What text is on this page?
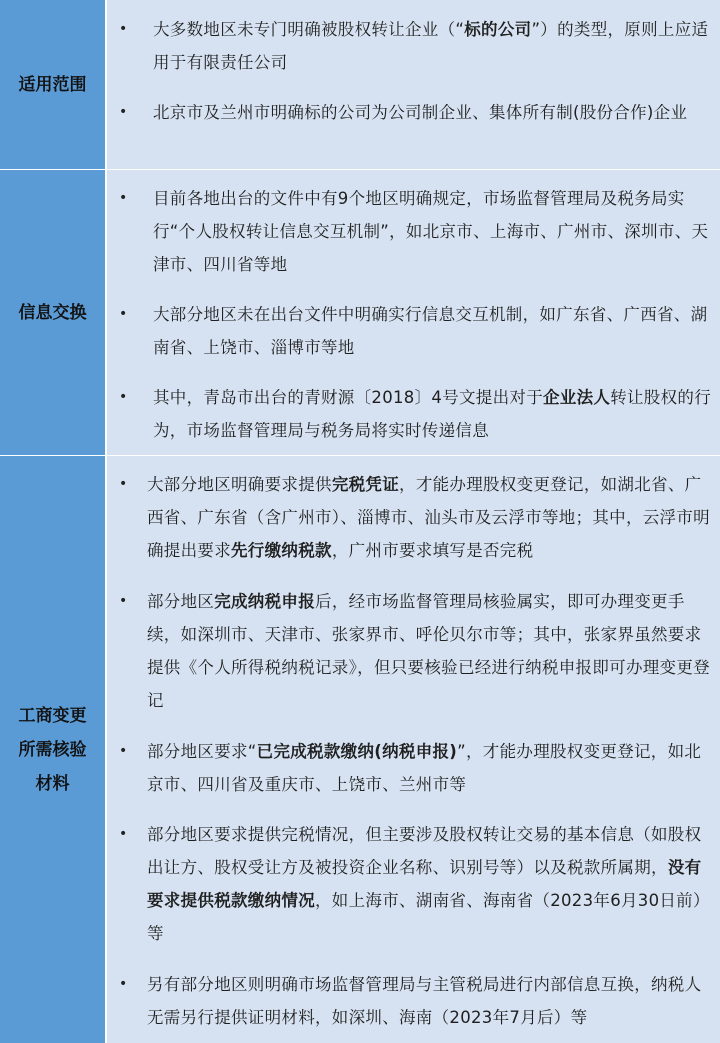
适用范围
•	大多数地区未专门明确被股权转让企业（“标的公司”）的类型，原则上应适用于有限责任公司
•	北京市及兰州市明确标的公司为公司制企业、集体所有制(股份合作)企业
信息交换
•	目前各地出台的文件中有9个地区明确规定，市场监督管理局及税务局实行“个人股权转让信息交互机制”，如北京市、上海市、广州市、深圳市、天津市、四川省等地
•	大部分地区未在出台文件中明确实行信息交互机制，如广东省、广西省、湖南省、上饶市、淄博市等地
•	其中，青岛市出台的青财源〔2018〕4号文提出对于企业法人转让股权的行为，市场监督管理局与税务局将实时传递信息
工商变更
所需核验
材料
•	大部分地区明确要求提供完税凭证，才能办理股权变更登记，如湖北省、广西省、广东省（含广州市）、淄博市、汕头市及云浮市等地；其中，云浮市明确提出要求先行缴纳税款，广州市要求填写是否完税
•	部分地区完成纳税申报后，经市场监督管理局核验属实，即可办理变更手续，如深圳市、天津市、张家界市、呼伦贝尔市等；其中，张家界虽然要求提供《个人所得税纳税记录》，但只要核验已经进行纳税申报即可办理变更登记
•	部分地区要求“已完成税款缴纳(纳税申报)”，才能办理股权变更登记，如北京市、四川省及重庆市、上饶市、兰州市等
•	部分地区要求提供完税情况，但主要涉及股权转让交易的基本信息（如股权出让方、股权受让方及被投资企业名称、识别号等）以及税款所属期，没有要求提供税款缴纳情况，如上海市、湖南省、海南省（2023年6月30日前）等
•	另有部分地区则明确市场监督管理局与主管税局进行内部信息互换，纳税人无需另行提供证明材料，如深圳、海南（2023年7月后）等
